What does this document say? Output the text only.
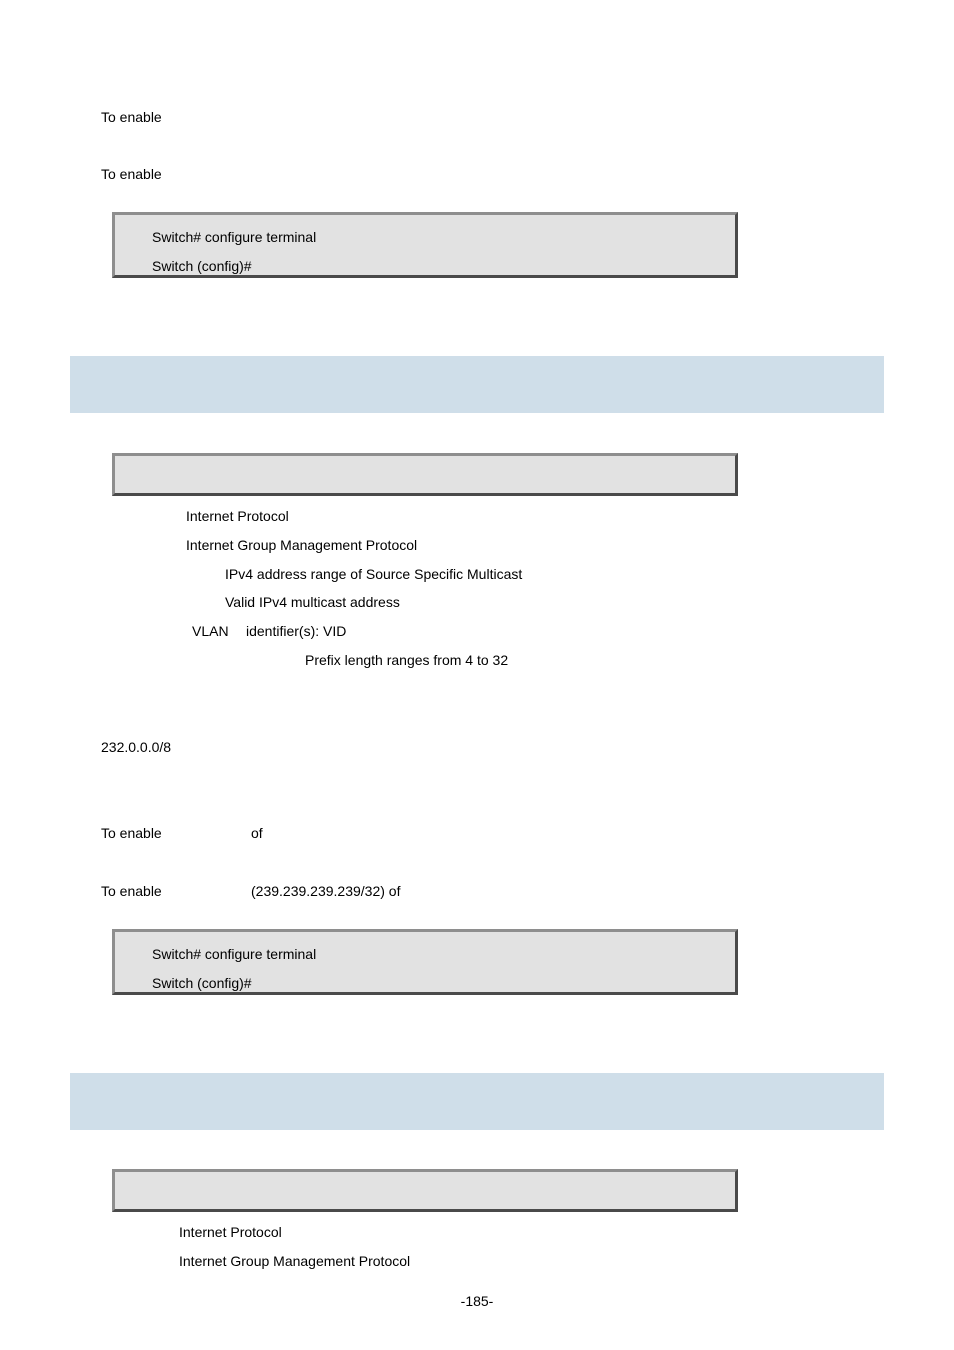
To enable
To enable
Switch# configure terminal
Switch (config)#
Internet Protocol
Internet Group Management Protocol
IPv4 address range of Source Specific Multicast
Valid IPv4 multicast address
VLAN identifier(s): VID
Prefix length ranges from 4 to 32
232.0.0.0/8
To enable	of
To enable	(239.239.239.239/32) of
Switch# configure terminal
Switch (config)#
Internet Protocol
Internet Group Management Protocol
-185-
